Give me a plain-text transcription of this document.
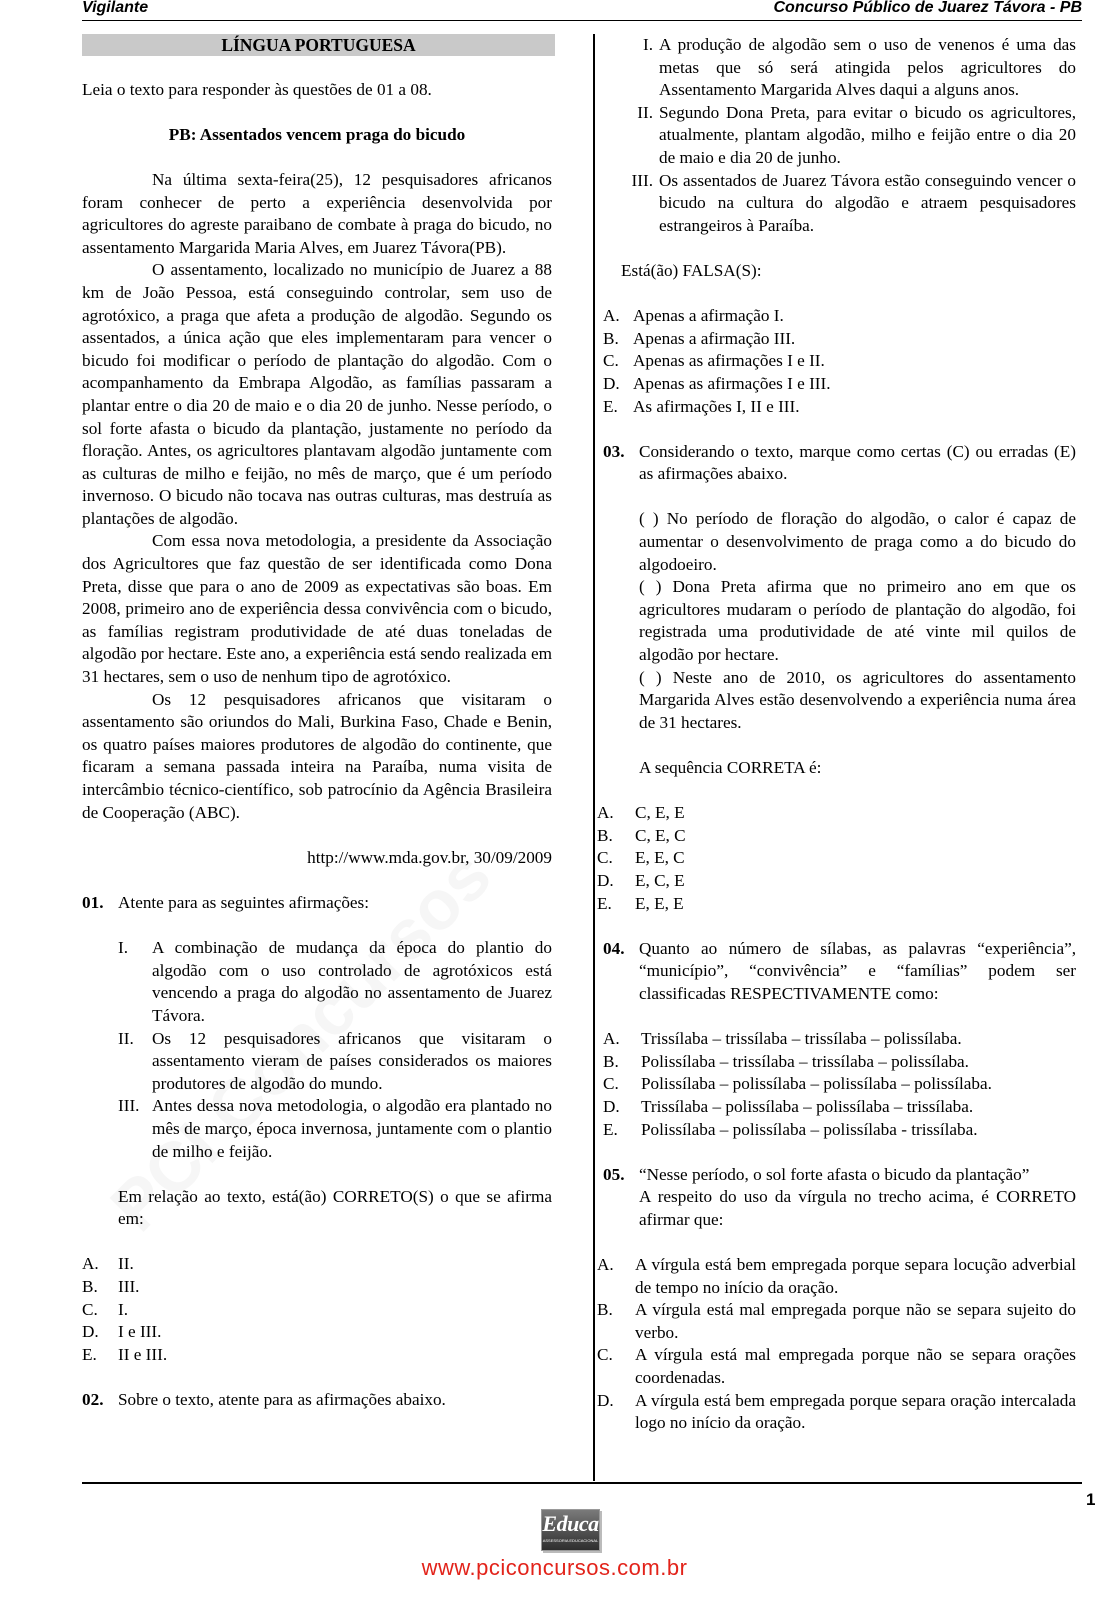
Vigilante	Concurso Público de Juarez Távora - PB
LÍNGUA PORTUGUESA

Leia o texto para responder às questões de 01 a 08.

PB: Assentados vencem praga do bicudo

Na última sexta-feira(25), 12 pesquisadores africanos foram conhecer de perto a experiência desenvolvida por agricultores do agreste paraibano de combate à praga do bicudo, no assentamento Margarida Maria Alves, em Juarez Távora(PB).

O assentamento, localizado no município de Juarez a 88 km de João Pessoa, está conseguindo controlar, sem uso de agrotóxico, a praga que afeta a produção de algodão. Segundo os assentados, a única ação que eles implementaram para vencer o bicudo foi modificar o período de plantação do algodão. Com o acompanhamento da Embrapa Algodão, as famílias passaram a plantar entre o dia 20 de maio e o dia 20 de junho. Nesse período, o sol forte afasta o bicudo da plantação, justamente no período da floração. Antes, os agricultores plantavam algodão juntamente com as culturas de milho e feijão, no mês de março, que é um período invernoso. O bicudo não tocava nas outras culturas, mas destruía as plantações de algodão.

Com essa nova metodologia, a presidente da Associação dos Agricultores que faz questão de ser identificada como Dona Preta, disse que para o ano de 2009 as expectativas são boas. Em 2008, primeiro ano de experiência dessa convivência com o bicudo, as famílias registram produtividade de até duas toneladas de algodão por hectare. Este ano, a experiência está sendo realizada em 31 hectares, sem o uso de nenhum tipo de agrotóxico.

Os 12 pesquisadores africanos que visitaram o assentamento são oriundos do Mali, Burkina Faso, Chade e Benin, os quatro países maiores produtores de algodão do continente, que ficaram a semana passada inteira na Paraíba, numa visita de intercâmbio técnico-científico, sob patrocínio da Agência Brasileira de Cooperação (ABC).

http://www.mda.gov.br, 30/09/2009

01. Atente para as seguintes afirmações:
I. A combinação de mudança da época do plantio do algodão com o uso controlado de agrotóxicos está vencendo a praga do algodão no assentamento de Juarez Távora.
II. Os 12 pesquisadores africanos que visitaram o assentamento vieram de países considerados os maiores produtores de algodão do mundo.
III. Antes dessa nova metodologia, o algodão era plantado no mês de março, época invernosa, juntamente com o plantio de milho e feijão.

Em relação ao texto, está(ão) CORRETO(S) o que se afirma em:

A. II.
B. III.
C. I.
D. I e III.
E. II e III.
02. Sobre o texto, atente para as afirmações abaixo.
I. A produção de algodão sem o uso de venenos é uma das metas que só será atingida pelos agricultores do Assentamento Margarida Alves daqui a alguns anos.
II. Segundo Dona Preta, para evitar o bicudo os agricultores, atualmente, plantam algodão, milho e feijão entre o dia 20 de maio e dia 20 de junho.
III. Os assentados de Juarez Távora estão conseguindo vencer o bicudo na cultura do algodão e atraem pesquisadores estrangeiros à Paraíba.

Está(ão) FALSA(S):

A. Apenas a afirmação I.
B. Apenas a afirmação III.
C. Apenas as afirmações I e II.
D. Apenas as afirmações I e III.
E. As afirmações I, II e III.
03. Considerando o texto, marque como certas (C) ou erradas (E) as afirmações abaixo.

( ) No período de floração do algodão, o calor é capaz de aumentar o desenvolvimento de praga como a do bicudo do algodoeiro.

( ) Dona Preta afirma que no primeiro ano em que os agricultores mudaram o período de plantação do algodão, foi registrada uma produtividade de até vinte mil quilos de algodão por hectare.

( ) Neste ano de 2010, os agricultores do assentamento Margarida Alves estão desenvolvendo a experiência numa área de 31 hectares.

A sequência CORRETA é:

A. C, E, E
B. C, E, C
C. E, E, C
D. E, C, E
E. E, E, E
04. Quanto ao número de sílabas, as palavras “experiência”, “município”, “convivência” e “famílias” podem ser classificadas RESPECTIVAMENTE como:
A. Trissílaba – trissílaba – trissílaba – polissílaba.
B. Polissílaba – trissílaba – trissílaba – polissílaba.
C. Polissílaba – polissílaba – polissílaba – polissílaba.
D. Trissílaba – polissílaba – polissílaba – trissílaba.
E. Polissílaba – polissílaba – polissílaba - trissílaba.
05. “Nesse período, o sol forte afasta o bicudo da plantação”

A respeito do uso da vírgula no trecho acima, é CORRETO afirmar que:

A. A vírgula está bem empregada porque separa locução adverbial de tempo no início da oração.
B. A vírgula está mal empregada porque não se separa sujeito do verbo.
C. A vírgula está mal empregada porque não se separa orações coordenadas.
D. A vírgula está bem empregada porque separa oração intercalada logo no início da oração.
1
Educa
ASSESSORIA EDUCACIONAL
www.pciconcursos.com.br
